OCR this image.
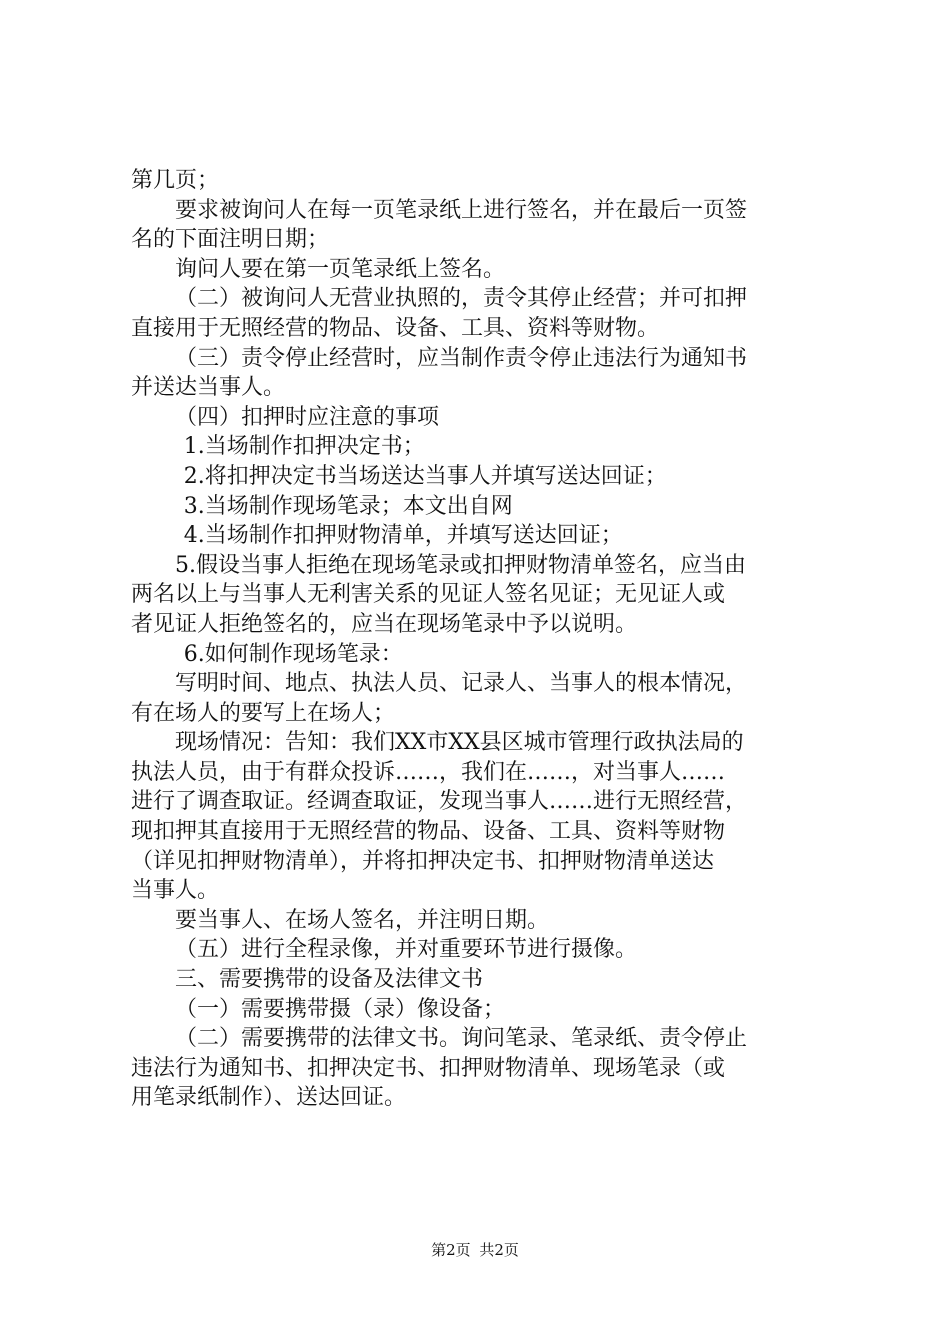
第几页；

要求被询问人在每一页笔录纸上进行签名，并在最后一页签

名的下面注明日期；

询问人要在第一页笔录纸上签名。

（二）被询问人无营业执照的，责令其停止经营；并可扣押

直接用于无照经营的物品、设备、工具、资料等财物。

（三）责令停止经营时，应当制作责令停止违法行为通知书

并送达当事人。

（四）扣押时应注意的事项

1.当场制作扣押决定书；

2.将扣押决定书当场送达当事人并填写送达回证；

3.当场制作现场笔录；本文出自网

4.当场制作扣押财物清单，并填写送达回证；

5.假设当事人拒绝在现场笔录或扣押财物清单签名，应当由

两名以上与当事人无利害关系的见证人签名见证；无见证人或

者见证人拒绝签名的，应当在现场笔录中予以说明。

6.如何制作现场笔录：

写明时间、地点、执法人员、记录人、当事人的根本情况，

有在场人的要写上在场人；

现场情况：告知：我们XX市XX县区城市管理行政执法局的

执法人员，由于有群众投诉……，我们在……，对当事人……

进行了调查取证。经调查取证，发现当事人……进行无照经营，

现扣押其直接用于无照经营的物品、设备、工具、资料等财物

（详见扣押财物清单），并将扣押决定书、扣押财物清单送达

当事人。

要当事人、在场人签名，并注明日期。

（五）进行全程录像，并对重要环节进行摄像。

三、需要携带的设备及法律文书

（一）需要携带摄（录）像设备；

（二）需要携带的法律文书。询问笔录、笔录纸、责令停止

违法行为通知书、扣押决定书、扣押财物清单、现场笔录（或

用笔录纸制作）、送达回证。

第2页 共2页
